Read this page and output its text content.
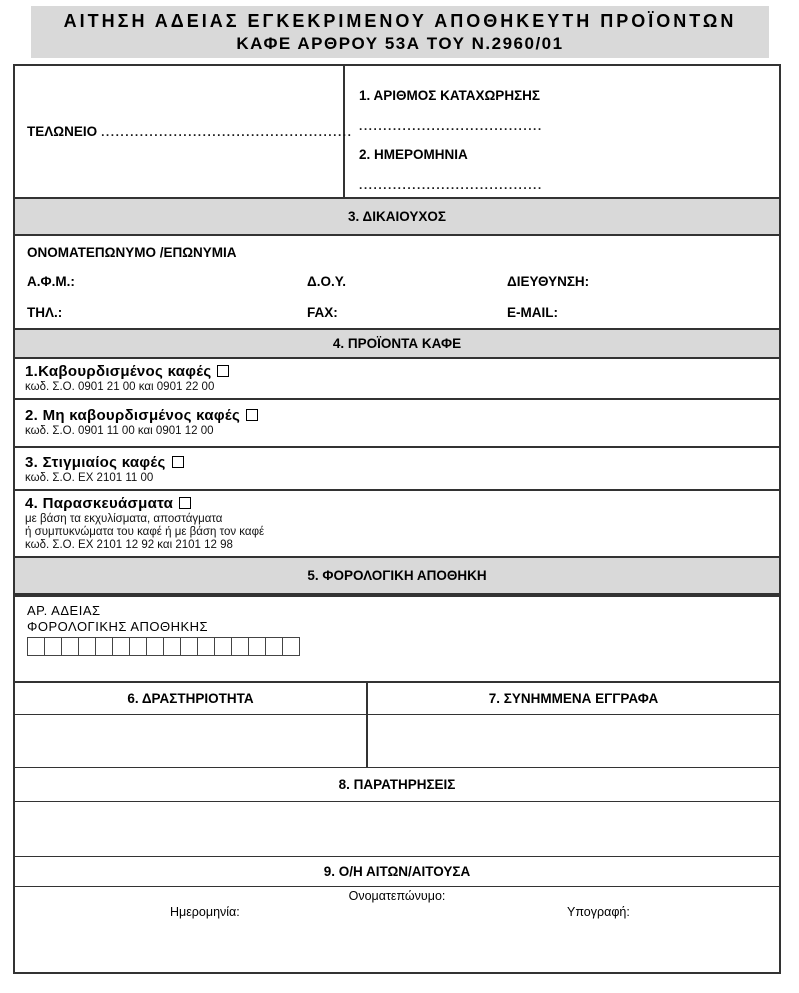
ΑΙΤΗΣΗ ΑΔΕΙΑΣ ΕΓΚΕΚΡΙΜΕΝΟΥ ΑΠΟΘΗΚΕΥΤΗ ΠΡΟΪΟΝΤΩΝ
ΚΑΦΕ ΑΡΘΡΟΥ 53Α ΤΟΥ Ν.2960/01
ΤΕΛΩΝΕΙΟ ....................................................
1. ΑΡΙΘΜΟΣ ΚΑΤΑΧΩΡΗΣΗΣ
......................................
2. ΗΜΕΡΟΜΗΝΙΑ
......................................
3. ΔΙΚΑΙΟΥΧΟΣ
ΟΝΟΜΑΤΕΠΩΝΥΜΟ /ΕΠΩΝΥΜΙΑ
Α.Φ.Μ.:	Δ.Ο.Υ.	ΔΙΕΥΘΥΝΣΗ:
ΤΗΛ.:	FAX:	E-MAIL:
4. ΠΡΟΪΟΝΤΑ ΚΑΦΕ
1.Καβουρδισμένος καφές
κωδ. Σ.Ο. 0901 21 00 και 0901 22 00
2. Μη καβουρδισμένος καφές
κωδ. Σ.Ο. 0901 11 00 και 0901 12 00
3. Στιγμιαίος καφές
κωδ. Σ.Ο. EX 2101 11 00
4. Παρασκευάσματα
με βάση τα εκχυλίσματα, αποστάγματα
ή συμπυκνώματα του καφέ ή με βάση τον καφέ
κωδ. Σ.Ο. EX 2101 12 92 και 2101 12 98
5. ΦΟΡΟΛΟΓΙΚΗ ΑΠΟΘΗΚΗ
ΑΡ. ΑΔΕΙΑΣ
ΦΟΡΟΛΟΓΙΚΗΣ ΑΠΟΘΗΚΗΣ
6. ΔΡΑΣΤΗΡΙΟΤΗΤΑ	7. ΣΥΝΗΜΜΕΝΑ ΕΓΓΡΑΦΑ
8. ΠΑΡΑΤΗΡΗΣΕΙΣ
9. Ο/Η ΑΙΤΩΝ/ΑΙΤΟΥΣΑ
Ονοματεπώνυμο:
Ημερομηνία:	Υπογραφή:
